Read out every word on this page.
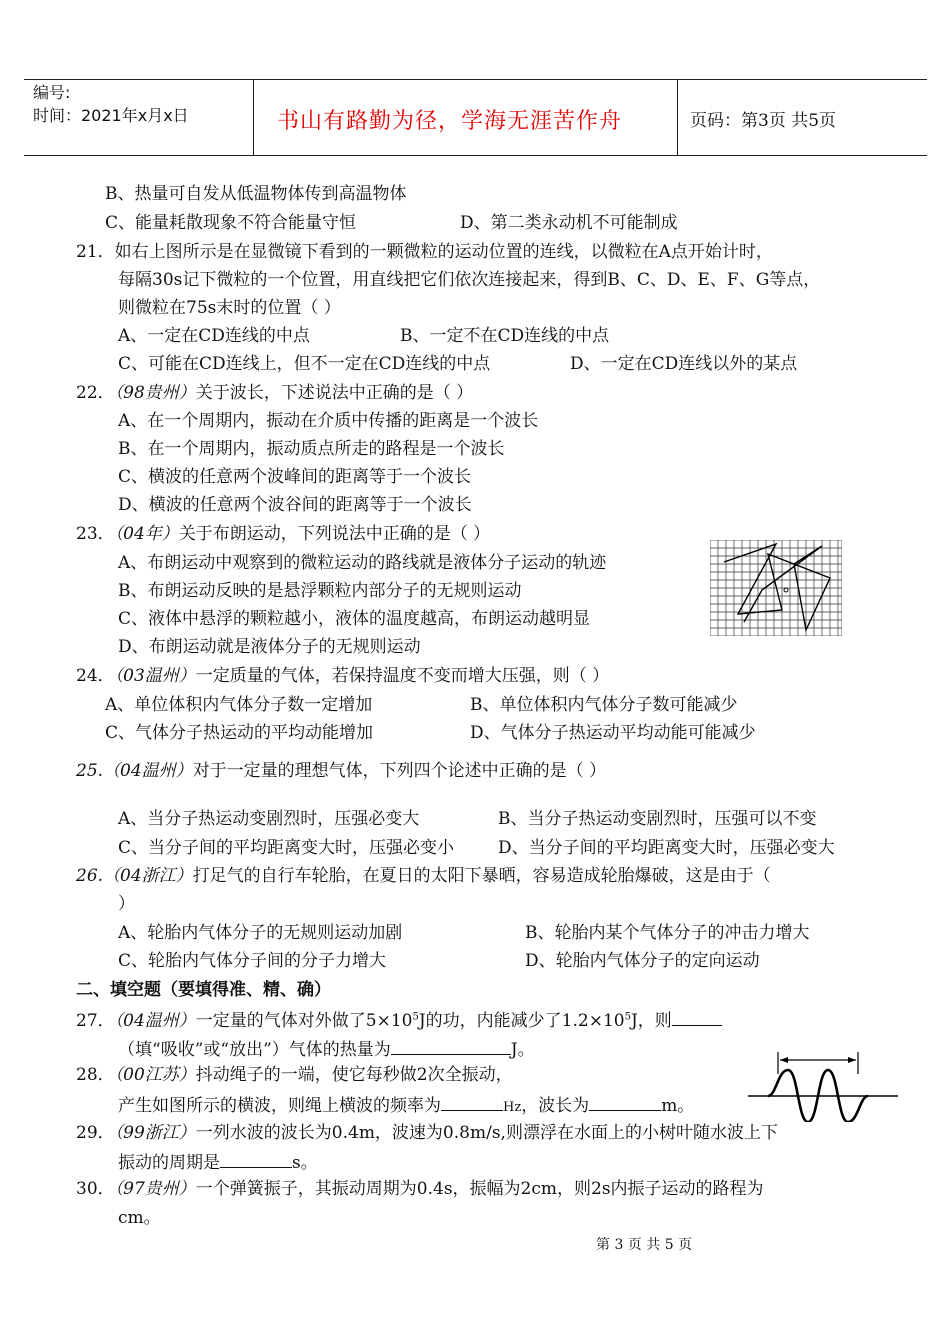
编号:
时间：2021年x月x日	书山有路勤为径，学海无涯苦作舟	页码：第3页 共5页
B、热量可自发从低温物体传到高温物体
C、能量耗散现象不符合能量守恒	D、第二类永动机不可能制成
21．如右上图所示是在显微镜下看到的一颗微粒的运动位置的连线，以微粒在A点开始计时，
每隔30s记下微粒的一个位置，用直线把它们依次连接起来，得到B、C、D、E、F、G等点，
则微粒在75s末时的位置（ ）
A、一定在CD连线的中点	B、一定不在CD连线的中点
C、可能在CD连线上，但不一定在CD连线的中点	D、一定在CD连线以外的某点
22．（98贵州）关于波长，下述说法中正确的是（ ）
A、在一个周期内，振动在介质中传播的距离是一个波长
B、在一个周期内，振动质点所走的路程是一个波长
C、横波的任意两个波峰间的距离等于一个波长
D、横波的任意两个波谷间的距离等于一个波长
23．（04年）关于布朗运动，下列说法中正确的是（ ）
A、布朗运动中观察到的微粒运动的路线就是液体分子运动的轨迹
B、布朗运动反映的是悬浮颗粒内部分子的无规则运动
C、液体中悬浮的颗粒越小，液体的温度越高，布朗运动越明显
D、布朗运动就是液体分子的无规则运动
24．（03温州）一定质量的气体，若保持温度不变而增大压强，则（ ）
A、单位体积内气体分子数一定增加	B、单位体积内气体分子数可能减少
C、气体分子热运动的平均动能增加	D、气体分子热运动平均动能可能减少
25.（04温州）对于一定量的理想气体，下列四个论述中正确的是（ ）
A、当分子热运动变剧烈时，压强必变大	B、当分子热运动变剧烈时，压强可以不变
C、当分子间的平均距离变大时，压强必变小	D、当分子间的平均距离变大时，压强必变大
26.（04浙江）打足气的自行车轮胎，在夏日的太阳下暴晒，容易造成轮胎爆破，这是由于（
）
A、轮胎内气体分子的无规则运动加剧	B、轮胎内某个气体分子的冲击力增大
C、轮胎内气体分子间的分子力增大	D、轮胎内气体分子的定向运动
二、填空题（要填得准、精、确）
27．（04温州）一定量的气体对外做了$5\times 10^5J$的功，内能减少了$1.2\times 10^5J$，则
（填“吸收”或“放出”）气体的热量为	J。
28．（00江苏）抖动绳子的一端，使它每秒做2次全振动，
产生如图所示的横波，则绳上横波的频率为	Hz，波长为	m。
29．（99浙江）一列水波的波长为0.4m，波速为0.8m/s,则漂浮在水面上的小树叶随水波上下
振动的周期是	s。
30．（97贵州）一个弹簧振子，其振动周期为0.4s，振幅为2cm，则2s内振子运动的路程为
cm。
第 3 页 共 5 页
